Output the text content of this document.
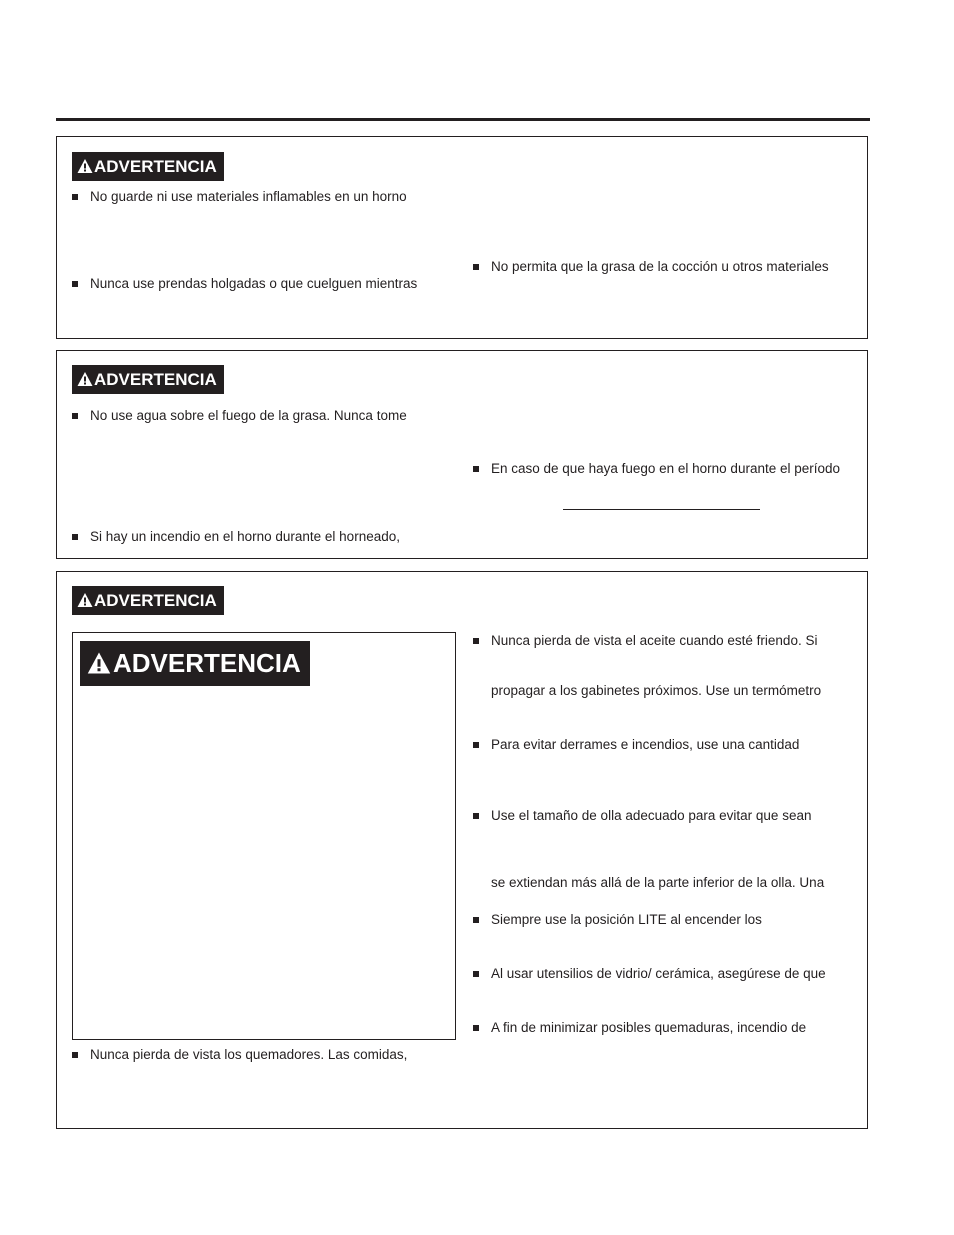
ADVERTENCIA
No guarde ni use materiales inflamables en un horno
Nunca use prendas holgadas o que cuelguen mientras
No permita que la grasa de la cocción u otros materiales
ADVERTENCIA
No use agua sobre el fuego de la grasa. Nunca tome
En caso de que haya fuego en el horno durante el período
Si hay un incendio en el horno durante el horneado,
ADVERTENCIA
ADVERTENCIA
Nunca pierda de vista el aceite cuando esté friendo. Si
propagar a los gabinetes próximos. Use un termómetro
Para evitar derrames e incendios, use una cantidad
Use el tamaño de olla adecuado para evitar que sean
se extiendan más allá de la parte inferior de la olla. Una
Siempre use la posición LITE al encender los
Al usar utensilios de vidrio/ cerámica, asegúrese de que
A fin de minimizar posibles quemaduras, incendio de
Nunca pierda de vista los quemadores. Las comidas,
